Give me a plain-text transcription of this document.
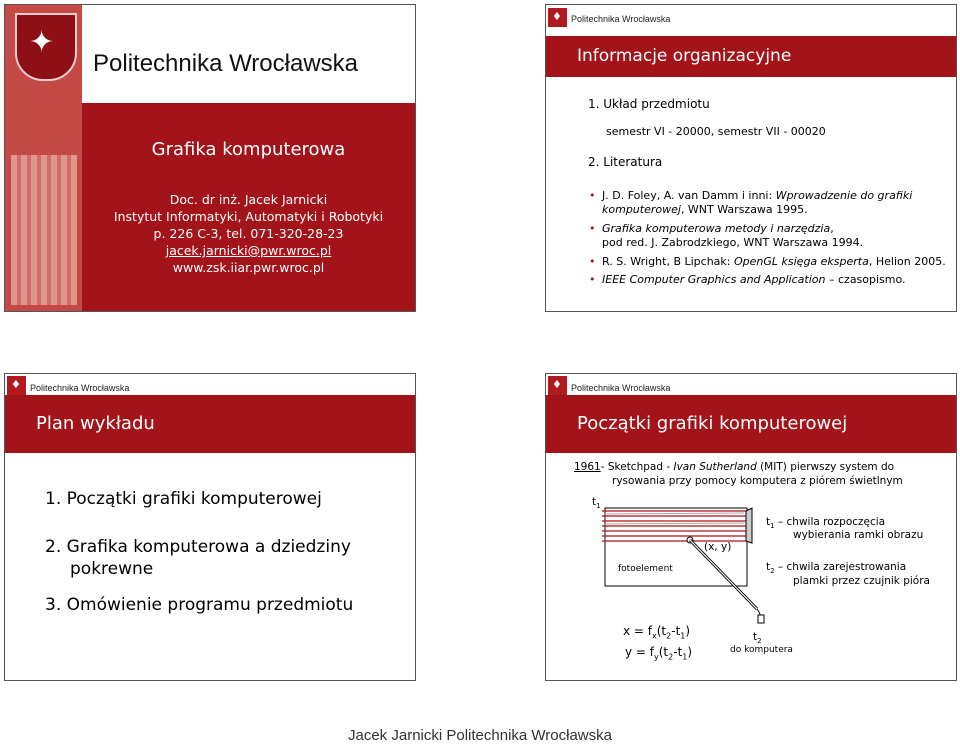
✦
Politechnika Wrocławska
Grafika komputerowa
Doc. dr inż. Jacek Jarnicki
Instytut Informatyki, Automatyki i Robotyki
p. 226 C-3, tel. 071-320-28-23
jacek.jarnicki@pwr.wroc.pl
www.zsk.iiar.pwr.wroc.pl
♦
Politechnika Wrocławska
Informacje organizacyjne
1. Układ przedmiotu
semestr VI - 20000, semestr VII - 00020
2. Literatura
• J. D. Foley, A. van Damm i inni: Wprowadzenie do grafiki
komputerowej, WNT Warszawa 1995.
• Grafika komputerowa metody i narzędzia,
pod red. J. Zabrodzkiego, WNT Warszawa 1994.
• R. S. Wright, B Lipchak: OpenGL księga eksperta, Helion 2005.
• IEEE Computer Graphics and Application – czasopismo.
♦
Politechnika Wrocławska
Plan wykładu
1. Początki grafiki komputerowej
2. Grafika komputerowa a dziedziny
pokrewne
3. Omówienie programu przedmiotu
♦
Politechnika Wrocławska
Początki grafiki komputerowej
1961- Sketchpad - Ivan Sutherland (MIT) pierwszy system do
rysowania przy pomocy komputera z piórem świetlnym
$t_1$
fotoelement
(x, y)
$t_1$ – chwila rozpoczęcia
wybierania ramki obrazu
$t_2$ – chwila zarejestrowania
plamki przez czujnik pióra
$x = f_x(t_2-t_1)$
$y = f_y(t_2-t_1)$
$t_2$
do komputera
Jacek Jarnicki Politechnika Wrocławska
